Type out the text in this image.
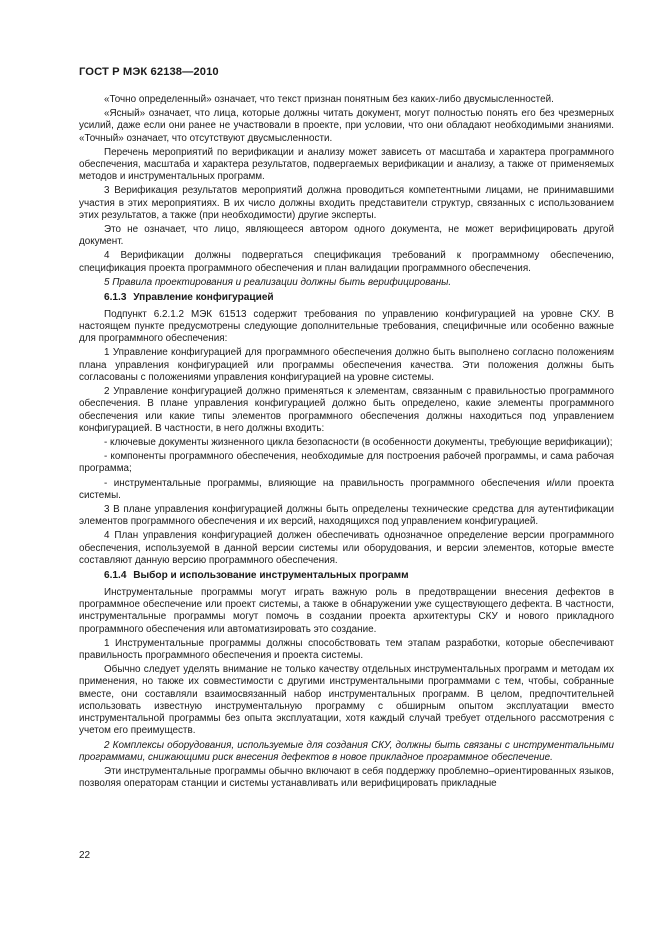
ГОСТ Р МЭК 62138—2010

«Точно определенный» означает, что текст признан понятным без каких-либо двусмысленностей.

«Ясный» означает, что лица, которые должны читать документ, могут полностью понять его без чрезмерных усилий, даже если они ранее не участвовали в проекте, при условии, что они обладают необходимыми знаниями. «Точный» означает, что отсутствуют двусмысленности.

Перечень мероприятий по верификации и анализу может зависеть от масштаба и характера программного обеспечения, масштаба и характера результатов, подвергаемых верификации и анализу, а также от применяемых методов и инструментальных программ.

3 Верификация результатов мероприятий должна проводиться компетентными лицами, не принимавшими участия в этих мероприятиях. В их число должны входить представители структур, связанных с использованием этих результатов, а также (при необходимости) другие эксперты.

Это не означает, что лицо, являющееся автором одного документа, не может верифицировать другой документ.

4 Верификации должны подвергаться спецификация требований к программному обеспечению, спецификация проекта программного обеспечения и план валидации программного обеспечения.

5 Правила проектирования и реализации должны быть верифицированы.

6.1.3 Управление конфигурацией

Подпункт 6.2.1.2 МЭК 61513 содержит требования по управлению конфигурацией на уровне СКУ. В настоящем пункте предусмотрены следующие дополнительные требования, специфичные или особенно важные для программного обеспечения:

1 Управление конфигурацией для программного обеспечения должно быть выполнено согласно положениям плана управления конфигурацией или программы обеспечения качества. Эти положения должны быть согласованы с положениями управления конфигурацией на уровне системы.

2 Управление конфигурацией должно применяться к элементам, связанным с правильностью программного обеспечения. В плане управления конфигурацией должно быть определено, какие элементы программного обеспечения или какие типы элементов программного обеспечения должны находиться под управлением конфигурацией. В частности, в него должны входить:

- ключевые документы жизненного цикла безопасности (в особенности документы, требующие верификации);

- компоненты программного обеспечения, необходимые для построения рабочей программы, и сама рабочая программа;

- инструментальные программы, влияющие на правильность программного обеспечения и/или проекта системы.

3 В плане управления конфигурацией должны быть определены технические средства для аутентификации элементов программного обеспечения и их версий, находящихся под управлением конфигурацией.

4 План управления конфигурацией должен обеспечивать однозначное определение версии программного обеспечения, используемой в данной версии системы или оборудования, и версии элементов, которые вместе составляют данную версию программного обеспечения.

6.1.4 Выбор и использование инструментальных программ

Инструментальные программы могут играть важную роль в предотвращении внесения дефектов в программное обеспечение или проект системы, а также в обнаружении уже существующего дефекта. В частности, инструментальные программы могут помочь в создании проекта архитектуры СКУ и нового прикладного программного обеспечения или автоматизировать это создание.

1 Инструментальные программы должны способствовать тем этапам разработки, которые обеспечивают правильность программного обеспечения и проекта системы.

Обычно следует уделять внимание не только качеству отдельных инструментальных программ и методам их применения, но также их совместимости с другими инструментальными программами с тем, чтобы, собранные вместе, они составляли взаимосвязанный набор инструментальных программ. В целом, предпочтительней использовать известную инструментальную программу с обширным опытом эксплуатации вместо инструментальной программы без опыта эксплуатации, хотя каждый случай требует отдельного рассмотрения с учетом его преимуществ.

2 Комплексы оборудования, используемые для создания СКУ, должны быть связаны с инструментальными программами, снижающими риск внесения дефектов в новое прикладное программное обеспечение.

Эти инструментальные программы обычно включают в себя поддержку проблемно–ориентированных языков, позволяя операторам станции и системы устанавливать или верифицировать прикладные

22
